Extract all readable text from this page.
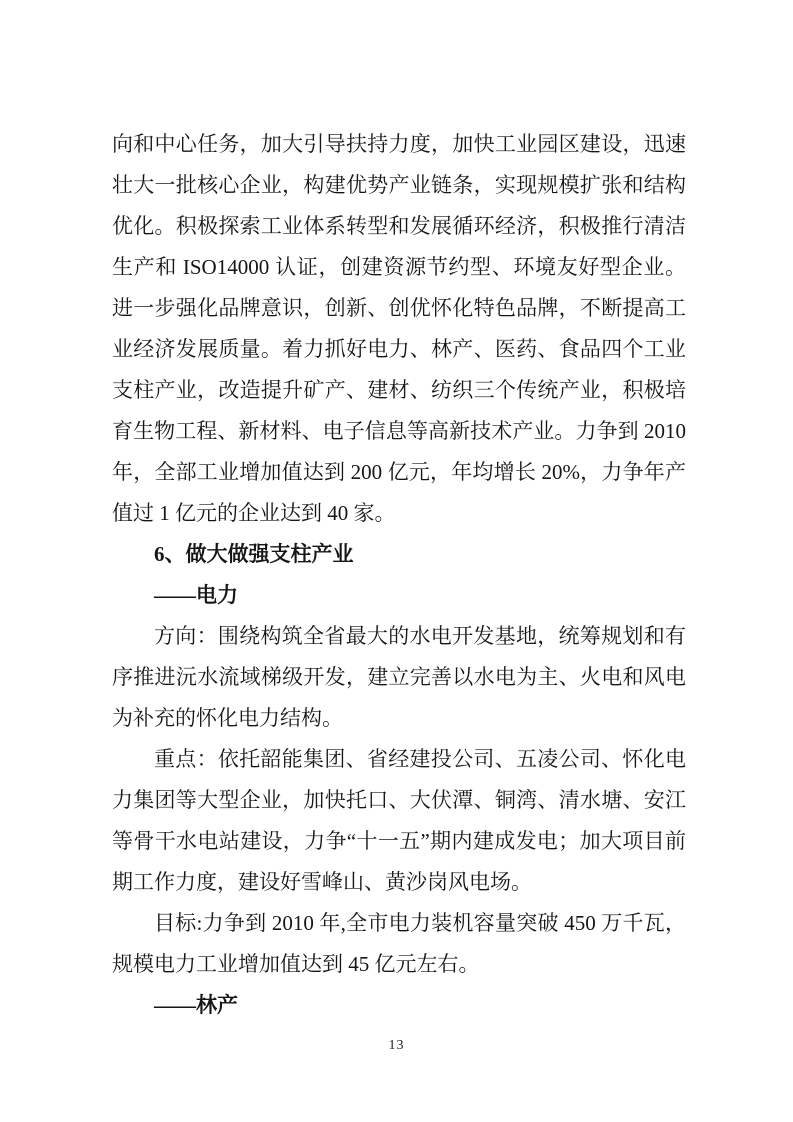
向和中心任务，加大引导扶持力度，加快工业园区建设，迅速壮大一批核心企业，构建优势产业链条，实现规模扩张和结构优化。积极探索工业体系转型和发展循环经济，积极推行清洁生产和 ISO14000 认证，创建资源节约型、环境友好型企业。进一步强化品牌意识，创新、创优怀化特色品牌，不断提高工业经济发展质量。着力抓好电力、林产、医药、食品四个工业支柱产业，改造提升矿产、建材、纺织三个传统产业，积极培育生物工程、新材料、电子信息等高新技术产业。力争到 2010 年，全部工业增加值达到 200 亿元，年均增长 20%，力争年产值过 1 亿元的企业达到 40 家。

6、做大做强支柱产业

——电力

方向：围绕构筑全省最大的水电开发基地，统筹规划和有序推进沅水流域梯级开发，建立完善以水电为主、火电和风电为补充的怀化电力结构。

重点：依托韶能集团、省经建投公司、五凌公司、怀化电力集团等大型企业，加快托口、大伏潭、铜湾、清水塘、安江等骨干水电站建设，力争“十一五”期内建成发电；加大项目前期工作力度，建设好雪峰山、黄沙岗风电场。

目标:力争到 2010 年,全市电力装机容量突破 450 万千瓦，规模电力工业增加值达到 45 亿元左右。

——林产

13
